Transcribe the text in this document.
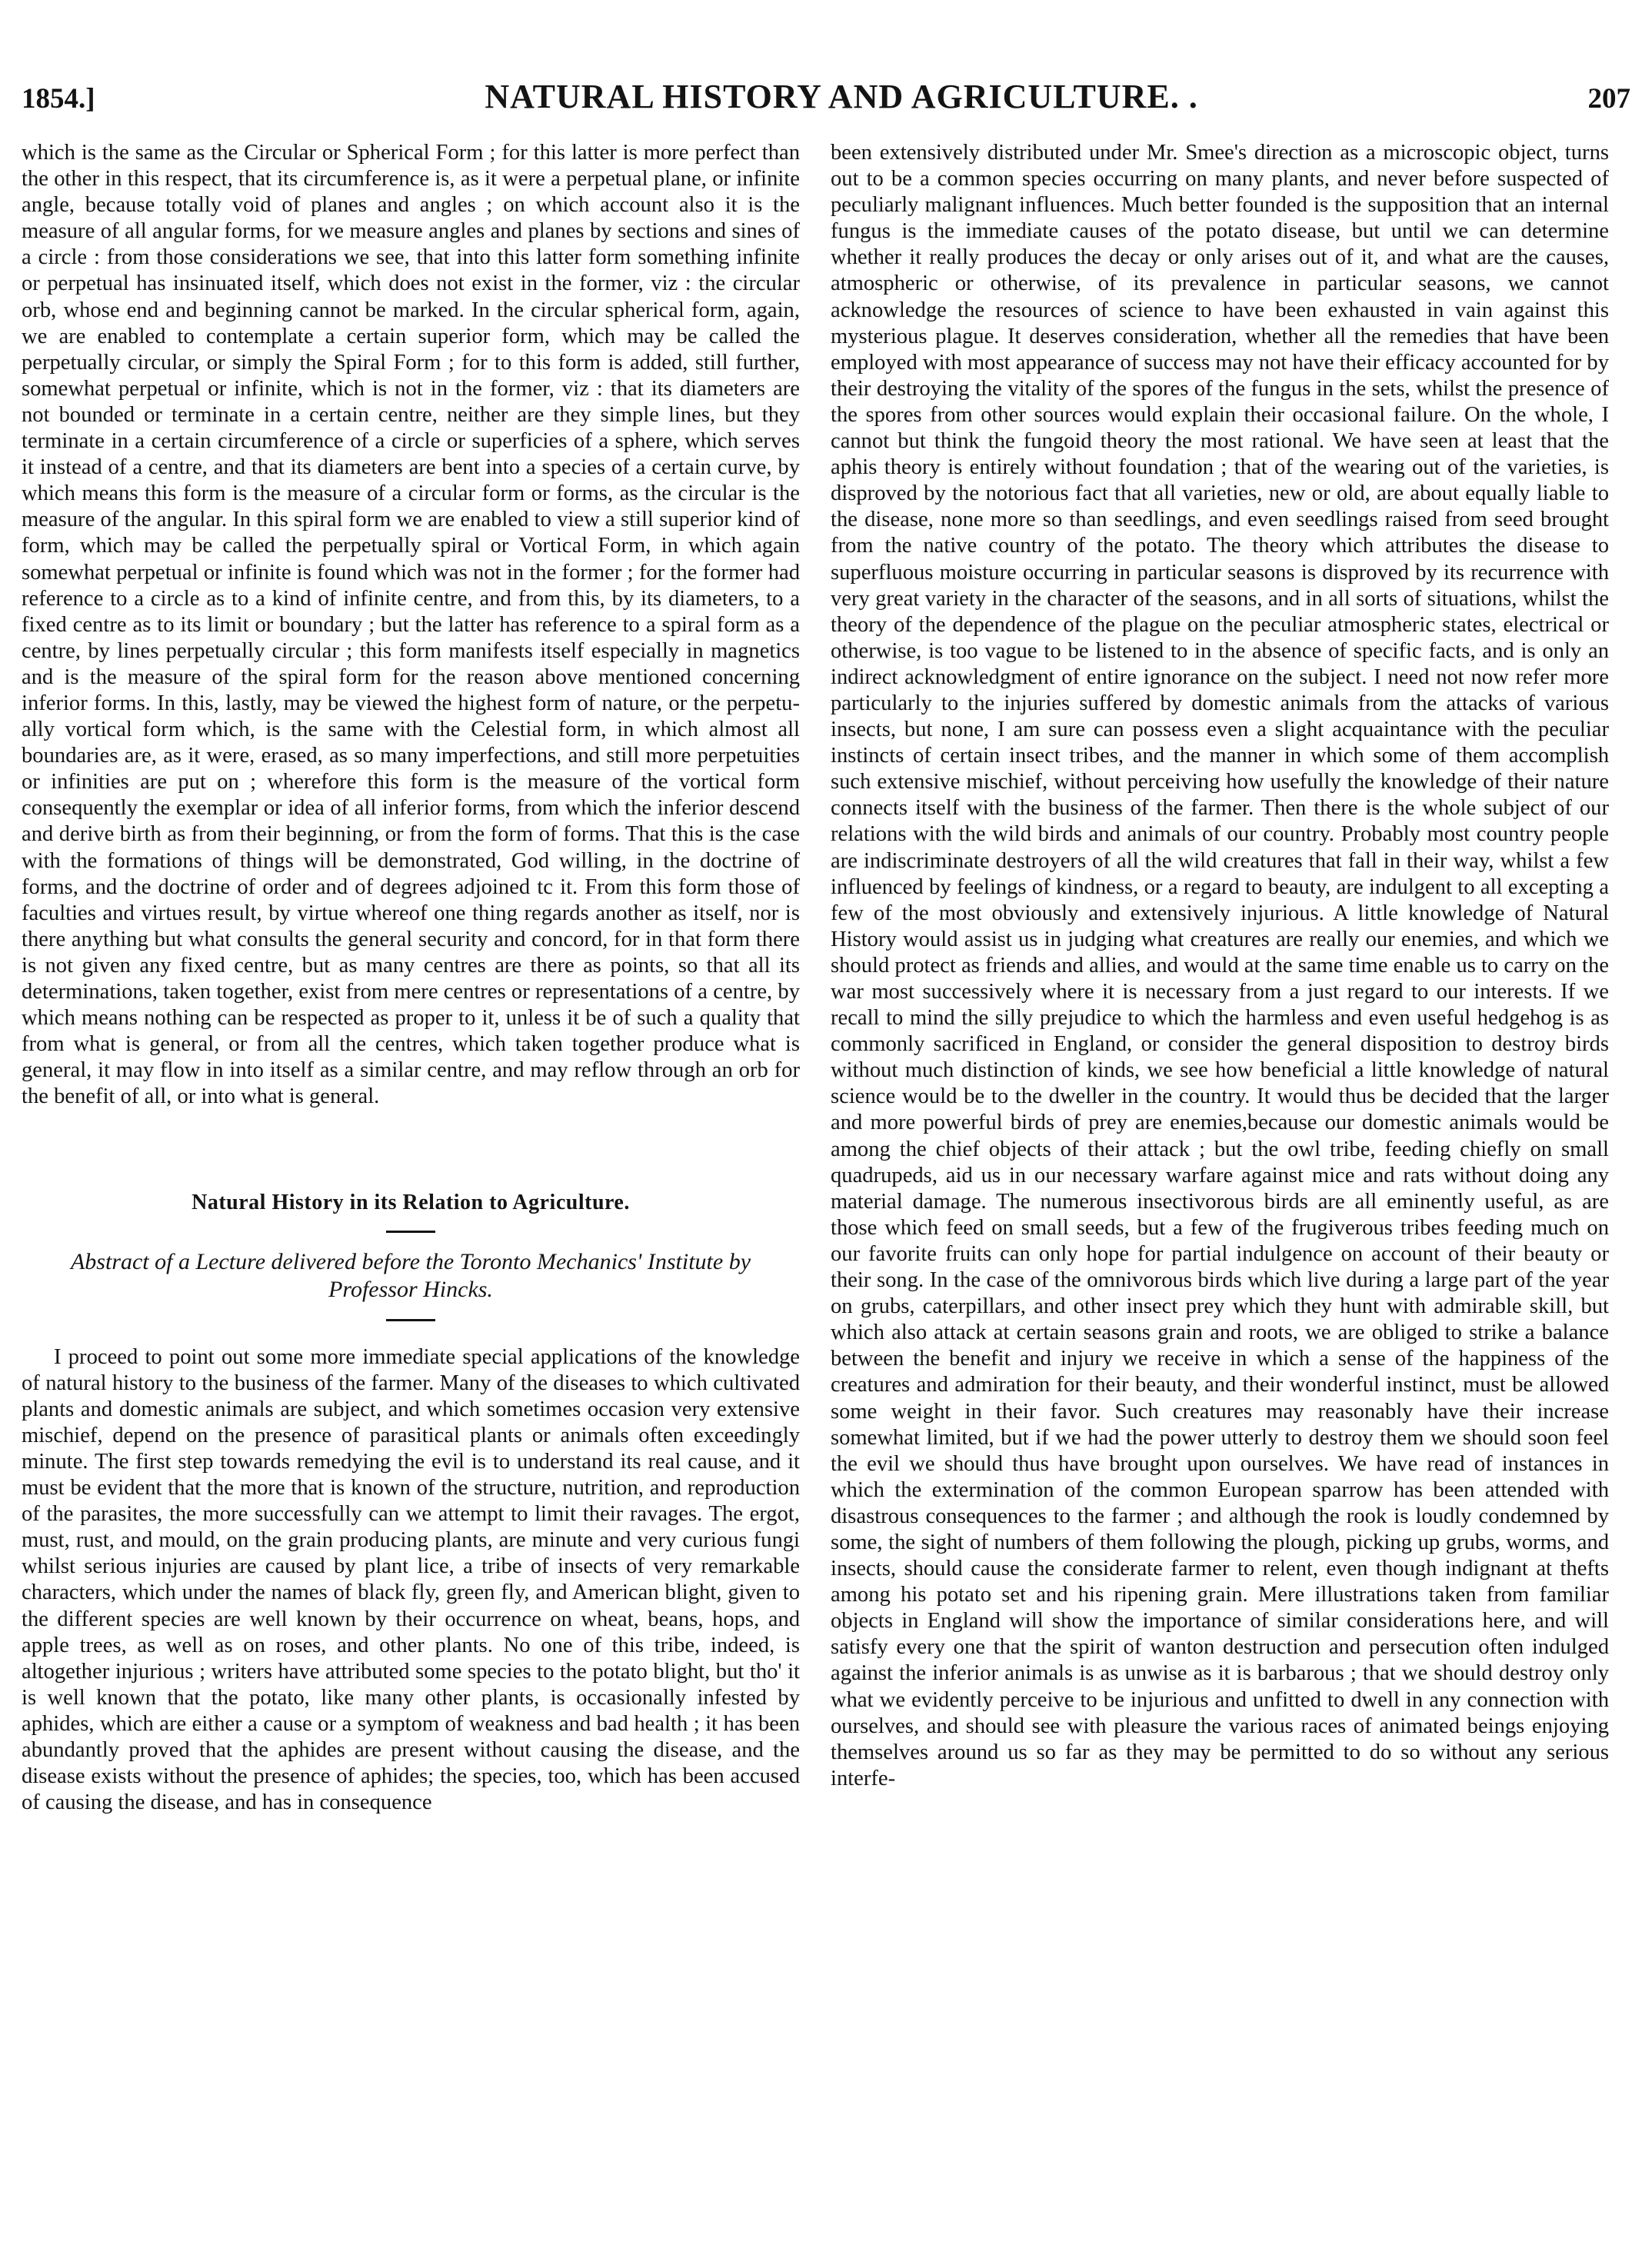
1854.]	NATURAL HISTORY AND AGRICULTURE. .	207

which is the same as the Circular or Spherical Form ; for this latter is more perfect than the other in this respect, that its circumference is, as it were a perpetual plane, or infinite angle, because totally void of planes and angles ; on which account also it is the measure of all angular forms, for we measure angles and planes by sections and sines of a circle : from those considerations we see, that into this latter form something infinite or perpetual has insinuated itself, which does not exist in the former, viz : the circular orb, whose end and beginning cannot be marked. In the circular spherical form, again, we are enabled to contemplate a certain superior form, which may be called the perpetually circular, or simply the Spiral Form ; for to this form is added, still further, somewhat perpetual or infinite, which is not in the former, viz : that its diameters are not bounded or terminate in a certain centre, neither are they simple lines, but they terminate in a certain circumference of a circle or superficies of a sphere, which serves it instead of a centre, and that its diameters are bent into a species of a certain curve, by which means this form is the measure of a circular form or forms, as the circular is the measure of the angular. In this spiral form we are enabled to view a still superior kind of form, which may be called the perpetually spiral or Vortical Form, in which again somewhat perpetual or infinite is found which was not in the former ; for the former had reference to a circle as to a kind of infinite centre, and from this, by its diameters, to a fixed centre as to its limit or boundary ; but the latter has reference to a spiral form as a centre, by lines perpetually circular ; this form manifests itself especially in magnetics and is the measure of the spiral form for the reason above mentioned concerning inferior forms. In this, lastly, may be viewed the highest form of nature, or the perpetually vortical form which, is the same with the Celestial form, in which almost all boundaries are, as it were, erased, as so many imperfections, and still more perpetuities or infinities are put on ; wherefore this form is the measure of the vortical form consequently the exemplar or idea of all inferior forms, from which the inferior descend and derive birth as from their beginning, or from the form of forms. That this is the case with the formations of things will be demonstrated, God willing, in the doctrine of forms, and the doctrine of order and of degrees adjoined tc it. From this form those of faculties and virtues result, by virtue whereof one thing regards another as itself, nor is there anything but what consults the general security and concord, for in that form there is not given any fixed centre, but as many centres are there as points, so that all its determinations, taken together, exist from mere centres or representations of a centre, by which means nothing can be respected as proper to it, unless it be of such a quality that from what is general, or from all the centres, which taken together produce what is general, it may flow in into itself as a similar centre, and may reflow through an orb for the benefit of all, or into what is general.

Natural History in its Relation to Agriculture.
Abstract of a Lecture delivered before the Toronto Mechanics' Institute by Professor Hincks.

I proceed to point out some more immediate special applications of the knowledge of natural history to the business of the farmer. Many of the diseases to which cultivated plants and domestic animals are subject, and which sometimes occasion very extensive mischief, depend on the presence of parasitical plants or animals often exceedingly minute. The first step towards remedying the evil is to understand its real cause, and it must be evident that the more that is known of the structure, nutrition, and reproduction of the parasites, the more successfully can we attempt to limit their ravages. The ergot, must, rust, and mould, on the grain producing plants, are minute and very curious fungi whilst serious injuries are caused by plant lice, a tribe of insects of very remarkable characters, which under the names of black fly, green fly, and American blight, given to the different species are well known by their occurrence on wheat, beans, hops, and apple trees, as well as on roses, and other plants. No one of this tribe, indeed, is altogether injurious ; writers have attributed some species to the potato blight, but tho' it is well known that the potato, like many other plants, is occasionally infested by aphides, which are either a cause or a symptom of weakness and bad health ; it has been abundantly proved that the aphides are present without causing the disease, and the disease exists without the presence of aphides; the species, too, which has been accused of causing the disease, and has in consequence

been extensively distributed under Mr. Smee's direction as a microscopic object, turns out to be a common species occurring on many plants, and never before suspected of peculiarly malignant influences. Much better founded is the supposition that an internal fungus is the immediate causes of the potato disease, but until we can determine whether it really produces the decay or only arises out of it, and what are the causes, atmospheric or otherwise, of its prevalence in particular seasons, we cannot acknowledge the resources of science to have been exhausted in vain against this mysterious plague. It deserves consideration, whether all the remedies that have been employed with most appearance of success may not have their efficacy accounted for by their destroying the vitality of the spores of the fungus in the sets, whilst the presence of the spores from other sources would explain their occasional failure. On the whole, I cannot but think the fungoid theory the most rational. We have seen at least that the aphis theory is entirely without foundation ; that of the wearing out of the varieties, is disproved by the notorious fact that all varieties, new or old, are about equally liable to the disease, none more so than seedlings, and even seedlings raised from seed brought from the native country of the potato. The theory which attributes the disease to superfluous moisture occurring in particular seasons is disproved by its recurrence with very great variety in the character of the seasons, and in all sorts of situations, whilst the theory of the dependence of the plague on the peculiar atmospheric states, electrical or otherwise, is too vague to be listened to in the absence of specific facts, and is only an indirect acknowledgment of entire ignorance on the subject. I need not now refer more particularly to the injuries suffered by domestic animals from the attacks of various insects, but none, I am sure can possess even a slight acquaintance with the peculiar instincts of certain insect tribes, and the manner in which some of them accomplish such extensive mischief, without perceiving how usefully the knowledge of their nature connects itself with the business of the farmer. Then there is the whole subject of our relations with the wild birds and animals of our country. Probably most country people are indiscriminate destroyers of all the wild creatures that fall in their way, whilst a few influenced by feelings of kindness, or a regard to beauty, are indulgent to all excepting a few of the most obviously and extensively injurious. A little knowledge of Natural History would assist us in judging what creatures are really our enemies, and which we should protect as friends and allies, and would at the same time enable us to carry on the war most successively where it is necessary from a just regard to our interests. If we recall to mind the silly prejudice to which the harmless and even useful hedgehog is as commonly sacrificed in England, or consider the general disposition to destroy birds without much distinction of kinds, we see how beneficial a little knowledge of natural science would be to the dweller in the country. It would thus be decided that the larger and more powerful birds of prey are enemies,because our domestic animals would be among the chief objects of their attack ; but the owl tribe, feeding chiefly on small quadrupeds, aid us in our necessary warfare against mice and rats without doing any material damage. The numerous insectivorous birds are all eminently useful, as are those which feed on small seeds, but a few of the frugiverous tribes feeding much on our favorite fruits can only hope for partial indulgence on account of their beauty or their song. In the case of the omnivorous birds which live during a large part of the year on grubs, caterpillars, and other insect prey which they hunt with admirable skill, but which also attack at certain seasons grain and roots, we are obliged to strike a balance between the benefit and injury we receive in which a sense of the happiness of the creatures and admiration for their beauty, and their wonderful instinct, must be allowed some weight in their favor. Such creatures may reasonably have their increase somewhat limited, but if we had the power utterly to destroy them we should soon feel the evil we should thus have brought upon ourselves. We have read of instances in which the extermination of the common European sparrow has been attended with disastrous consequences to the farmer ; and although the rook is loudly condemned by some, the sight of numbers of them following the plough, picking up grubs, worms, and insects, should cause the considerate farmer to relent, even though indignant at thefts among his potato set and his ripening grain. Mere illustrations taken from familiar objects in England will show the importance of similar considerations here, and will satisfy every one that the spirit of wanton destruction and persecution often indulged against the inferior animals is as unwise as it is barbarous ; that we should destroy only what we evidently perceive to be injurious and unfitted to dwell in any connection with ourselves, and should see with pleasure the various races of animated beings enjoying themselves around us so far as they may be permitted to do so without any serious interfe-
